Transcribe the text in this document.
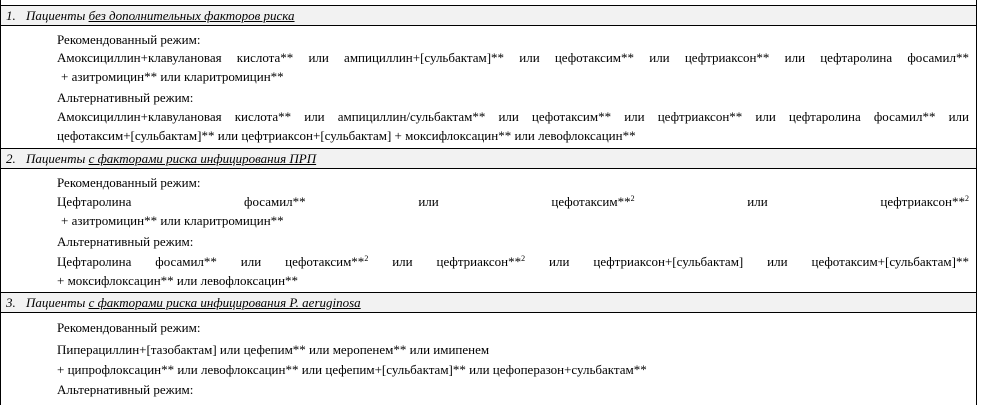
1. Пациенты без дополнительных факторов риска
Рекомендованный режим:
Амоксициллин+клавулановая кислота** или ампициллин+[сульбактам]** или цефотаксим** или цефтриаксон** или цефтаролина фосамил**
+ азитромицин** или кларитромицин**
Альтернативный режим:
Амоксициллин+клавулановая кислота** или ампициллин/сульбактам** или цефотаксим** или цефтриаксон** или цефтаролина фосамил** или
цефотаксим+[сульбактам]** или цефтриаксон+[сульбактам] + моксифлоксацин** или левофлоксацин**
2. Пациенты с факторами риска инфицирования ПРП
Рекомендованный режим:
Цефтаролина	фосамил**	или	цефотаксим**$^2$	или	цефтриаксон**$^2$
+ азитромицин** или кларитромицин**
Альтернативный режим:
Цефтаролина фосамил** или цефотаксим**$^2$ или цефтриаксон**$^2$ или цефтриаксон+[сульбактам] или цефотаксим+[сульбактам]**
+ моксифлоксацин** или левофлоксацин**
3. Пациенты с факторами риска инфицирования P. aeruginosa
Рекомендованный режим:
Пиперациллин+[тазобактам] или цефепим** или меропенем** или имипенем
+ ципрофлоксацин** или левофлоксацин** или цефепим+[сульбактам]** или цефоперазон+сульбактам**
Альтернативный режим:
